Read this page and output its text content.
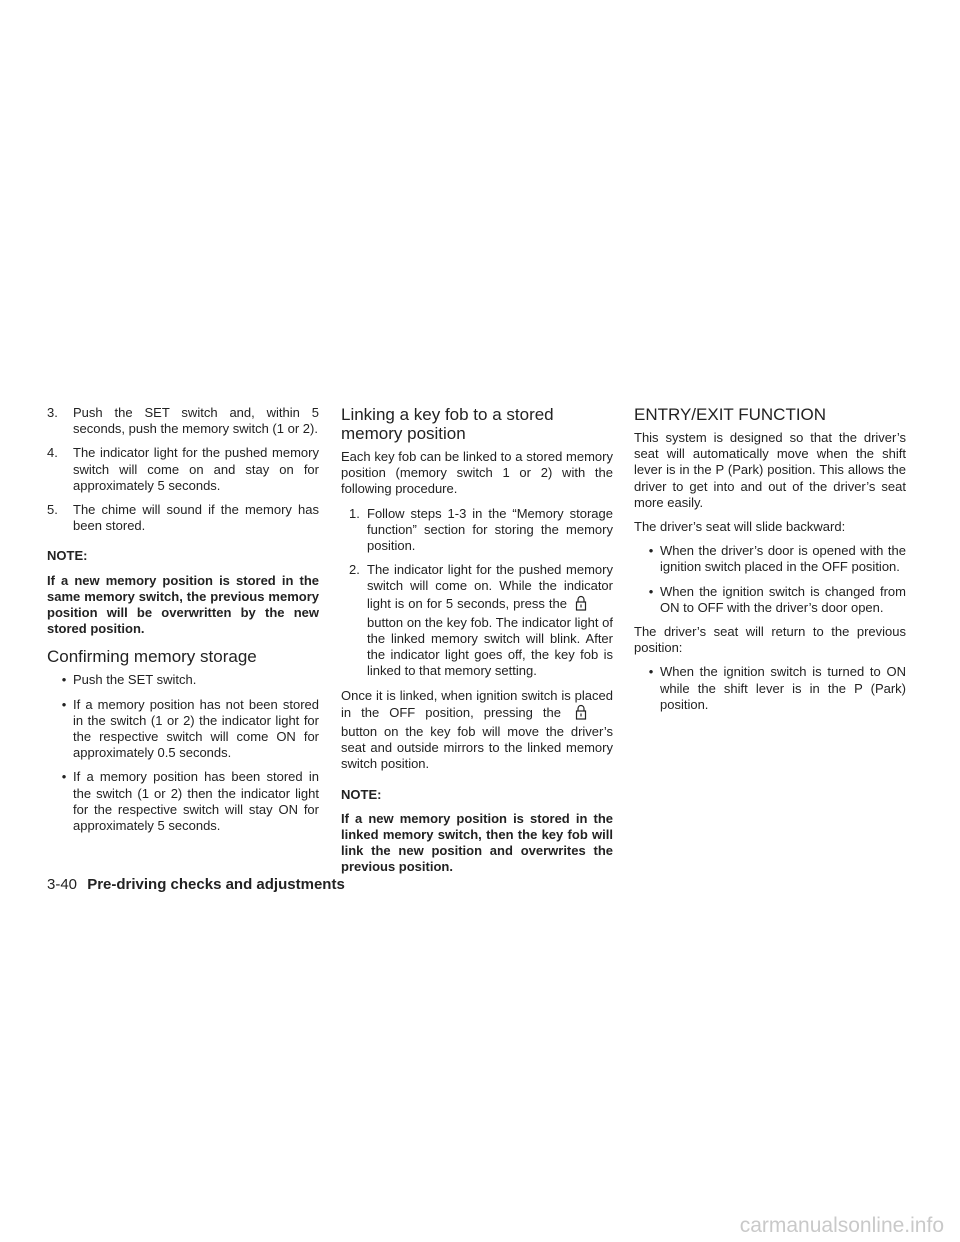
3.	Push the SET switch and, within 5 seconds, push the memory switch (1 or 2).
4.	The indicator light for the pushed memory switch will come on and stay on for approximately 5 seconds.
5.	The chime will sound if the memory has been stored.
NOTE:
If a new memory position is stored in the same memory switch, the previous memory position will be overwritten by the new stored position.
Confirming memory storage
• Push the SET switch.
• If a memory position has not been stored in the switch (1 or 2) the indicator light for the respective switch will come ON for approximately 0.5 seconds.
• If a memory position has been stored in the switch (1 or 2) then the indicator light for the respective switch will stay ON for approximately 5 seconds.
Linking a key fob to a stored memory position

Each key fob can be linked to a stored memory position (memory switch 1 or 2) with the following procedure.

1. Follow steps 1-3 in the “Memory storage function” section for storing the memory position.
2. The indicator light for the pushed memory switch will come on. While the indicator light is on for 5 seconds, press the  button on the key fob. The indicator light of the linked memory switch will blink. After the indicator light goes off, the key fob is linked to that memory setting.

Once it is linked, when ignition switch is placed in the OFF position, pressing the  button on the key fob will move the driver’s seat and outside mirrors to the linked memory switch position.

NOTE:
If a new memory position is stored in the linked memory switch, then the key fob will link the new position and overwrites the previous position.
ENTRY/EXIT FUNCTION

This system is designed so that the driver’s seat will automatically move when the shift lever is in the P (Park) position. This allows the driver to get into and out of the driver’s seat more easily.

The driver’s seat will slide backward:

• When the driver’s door is opened with the ignition switch placed in the OFF position.
• When the ignition switch is changed from ON to OFF with the driver’s door open.

The driver’s seat will return to the previous position:

• When the ignition switch is turned to ON while the shift lever is in the P (Park) position.
3-40 Pre-driving checks and adjustments
carmanualsonline.info
